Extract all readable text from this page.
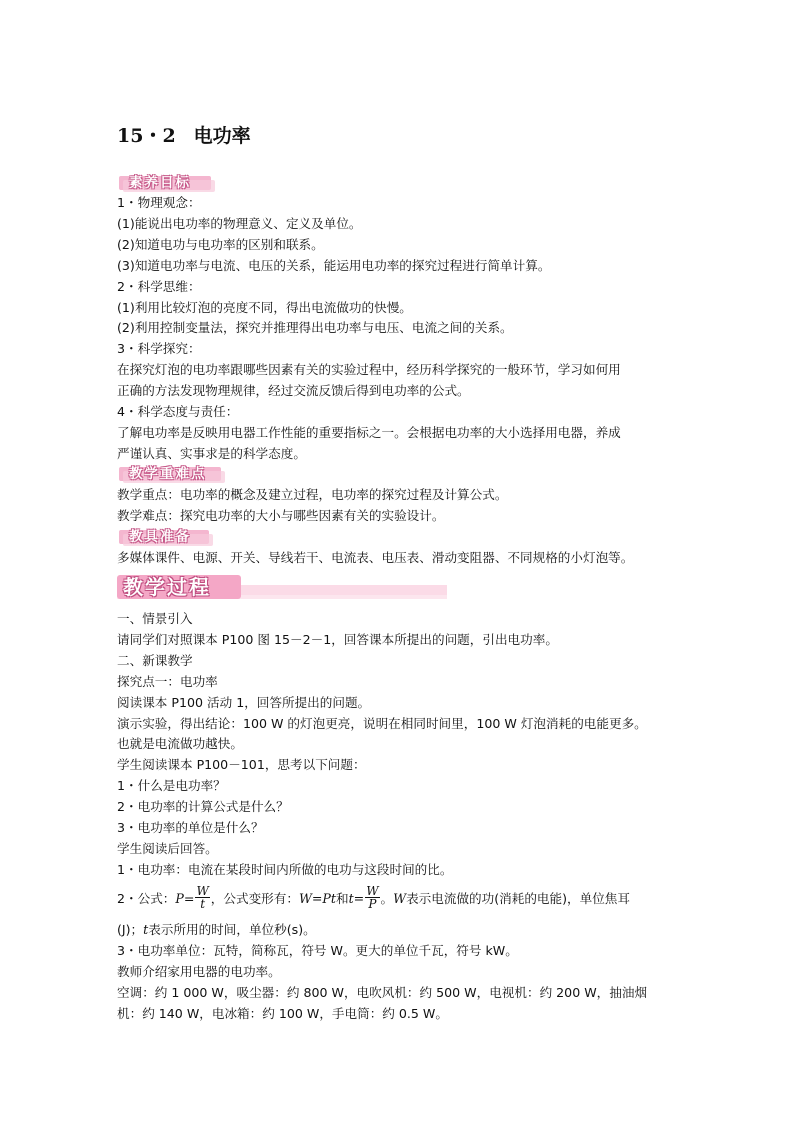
15・2 电功率
素养目标
1・物理观念：
(1)能说出电功率的物理意义、定义及单位。
(2)知道电功与电功率的区别和联系。
(3)知道电功率与电流、电压的关系，能运用电功率的探究过程进行简单计算。
2・科学思维：
(1)利用比较灯泡的亮度不同，得出电流做功的快慢。
(2)利用控制变量法，探究并推理得出电功率与电压、电流之间的关系。
3・科学探究：
在探究灯泡的电功率跟哪些因素有关的实验过程中，经历科学探究的一般环节，学习如何用
正确的方法发现物理规律，经过交流反馈后得到电功率的公式。
4・科学态度与责任：
了解电功率是反映用电器工作性能的重要指标之一。会根据电功率的大小选择用电器，养成
严谨认真、实事求是的科学态度。
教学重难点
教学重点：电功率的概念及建立过程，电功率的探究过程及计算公式。
教学难点：探究电功率的大小与哪些因素有关的实验设计。
教具准备
多媒体课件、电源、开关、导线若干、电流表、电压表、滑动变阻器、不同规格的小灯泡等。
教学过程
一、情景引入
请同学们对照课本 P100 图 15－2－1，回答课本所提出的问题，引出电功率。
二、新课教学
探究点一：电功率
阅读课本 P100 活动 1，回答所提出的问题。
演示实验，得出结论：100 W 的灯泡更亮，说明在相同时间里，100 W 灯泡消耗的电能更多。
也就是电流做功越快。
学生阅读课本 P100－101，思考以下问题：
1・什么是电功率？
2・电功率的计算公式是什么？
3・电功率的单位是什么？
学生阅读后回答。
1・电功率：电流在某段时间内所做的电功与这段时间的比。
2・公式：$P= \frac{W}{t}$ ，公式变形有：W=Pt和$t= \frac{W}{P}$ 。W表示电流做的功(消耗的电能)，单位焦耳
(J)；t表示所用的时间，单位秒(s)。
3・电功率单位：瓦特，简称瓦，符号 W。更大的单位千瓦，符号 kW。
教师介绍家用电器的电功率。
空调：约 1 000 W，吸尘器：约 800 W，电吹风机：约 500 W，电视机：约 200 W，抽油烟
机：约 140 W，电冰箱：约 100 W，手电筒：约 0.5 W。
